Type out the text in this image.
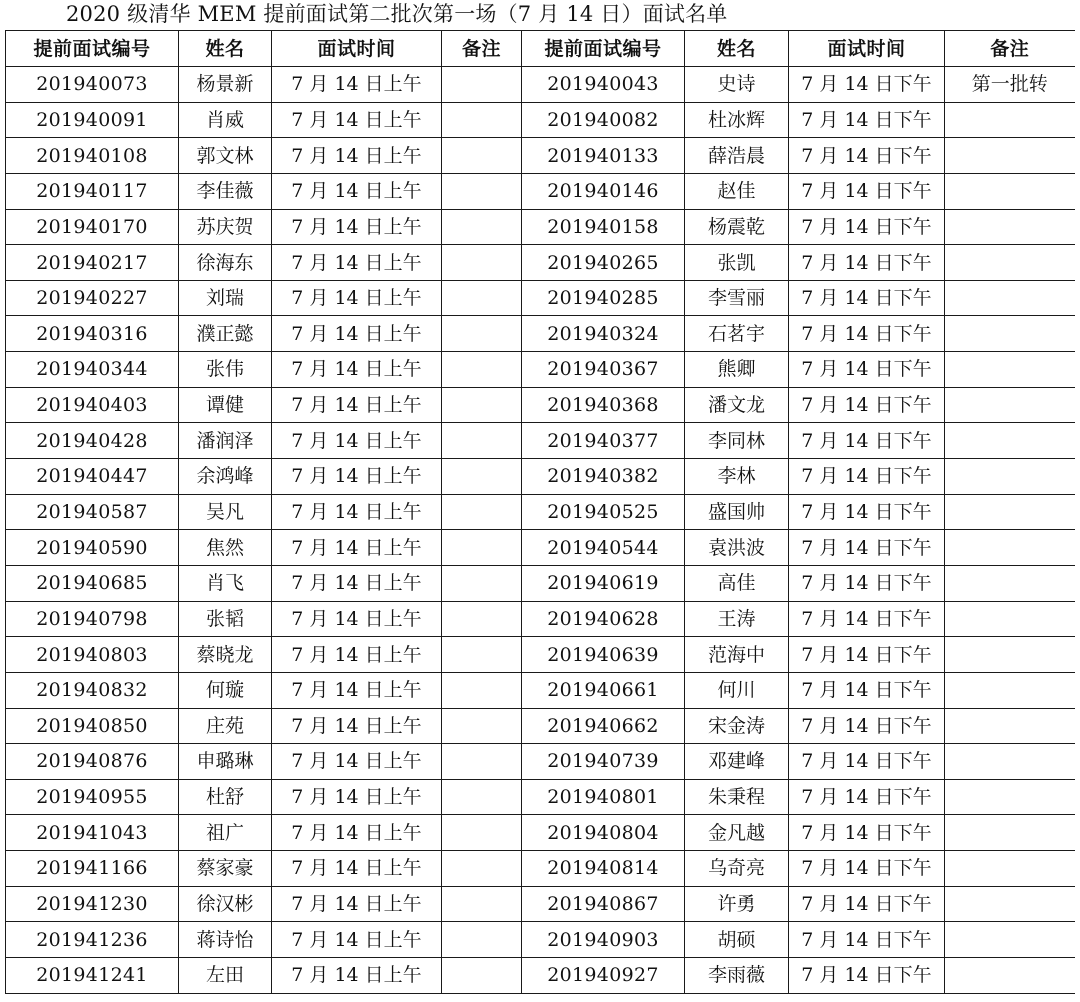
2020 级清华 MEM 提前面试第二批次第一场（7 月 14 日）面试名单
提前面试编号	姓名	面试时间	备注	提前面试编号	姓名	面试时间	备注
201940073	杨景新	7 月 14 日上午		201940043	史诗	7 月 14 日下午	第一批转
201940091	肖威	7 月 14 日上午		201940082	杜冰辉	7 月 14 日下午	
201940108	郭文林	7 月 14 日上午		201940133	薛浩晨	7 月 14 日下午	
201940117	李佳薇	7 月 14 日上午		201940146	赵佳	7 月 14 日下午	
201940170	苏庆贺	7 月 14 日上午		201940158	杨震乾	7 月 14 日下午	
201940217	徐海东	7 月 14 日上午		201940265	张凯	7 月 14 日下午	
201940227	刘瑞	7 月 14 日上午		201940285	李雪丽	7 月 14 日下午	
201940316	濮正懿	7 月 14 日上午		201940324	石茗宇	7 月 14 日下午	
201940344	张伟	7 月 14 日上午		201940367	熊卿	7 月 14 日下午	
201940403	谭健	7 月 14 日上午		201940368	潘文龙	7 月 14 日下午	
201940428	潘润泽	7 月 14 日上午		201940377	李同林	7 月 14 日下午	
201940447	余鸿峰	7 月 14 日上午		201940382	李林	7 月 14 日下午	
201940587	吴凡	7 月 14 日上午		201940525	盛国帅	7 月 14 日下午	
201940590	焦然	7 月 14 日上午		201940544	袁洪波	7 月 14 日下午	
201940685	肖飞	7 月 14 日上午		201940619	高佳	7 月 14 日下午	
201940798	张韬	7 月 14 日上午		201940628	王涛	7 月 14 日下午	
201940803	蔡晓龙	7 月 14 日上午		201940639	范海中	7 月 14 日下午	
201940832	何璇	7 月 14 日上午		201940661	何川	7 月 14 日下午	
201940850	庄苑	7 月 14 日上午		201940662	宋金涛	7 月 14 日下午	
201940876	申璐琳	7 月 14 日上午		201940739	邓建峰	7 月 14 日下午	
201940955	杜舒	7 月 14 日上午		201940801	朱秉程	7 月 14 日下午	
201941043	祖广	7 月 14 日上午		201940804	金凡越	7 月 14 日下午	
201941166	蔡家豪	7 月 14 日上午		201940814	乌奇亮	7 月 14 日下午	
201941230	徐汉彬	7 月 14 日上午		201940867	许勇	7 月 14 日下午	
201941236	蒋诗怡	7 月 14 日上午		201940903	胡硕	7 月 14 日下午	
201941241	左田	7 月 14 日上午		201940927	李雨薇	7 月 14 日下午	
